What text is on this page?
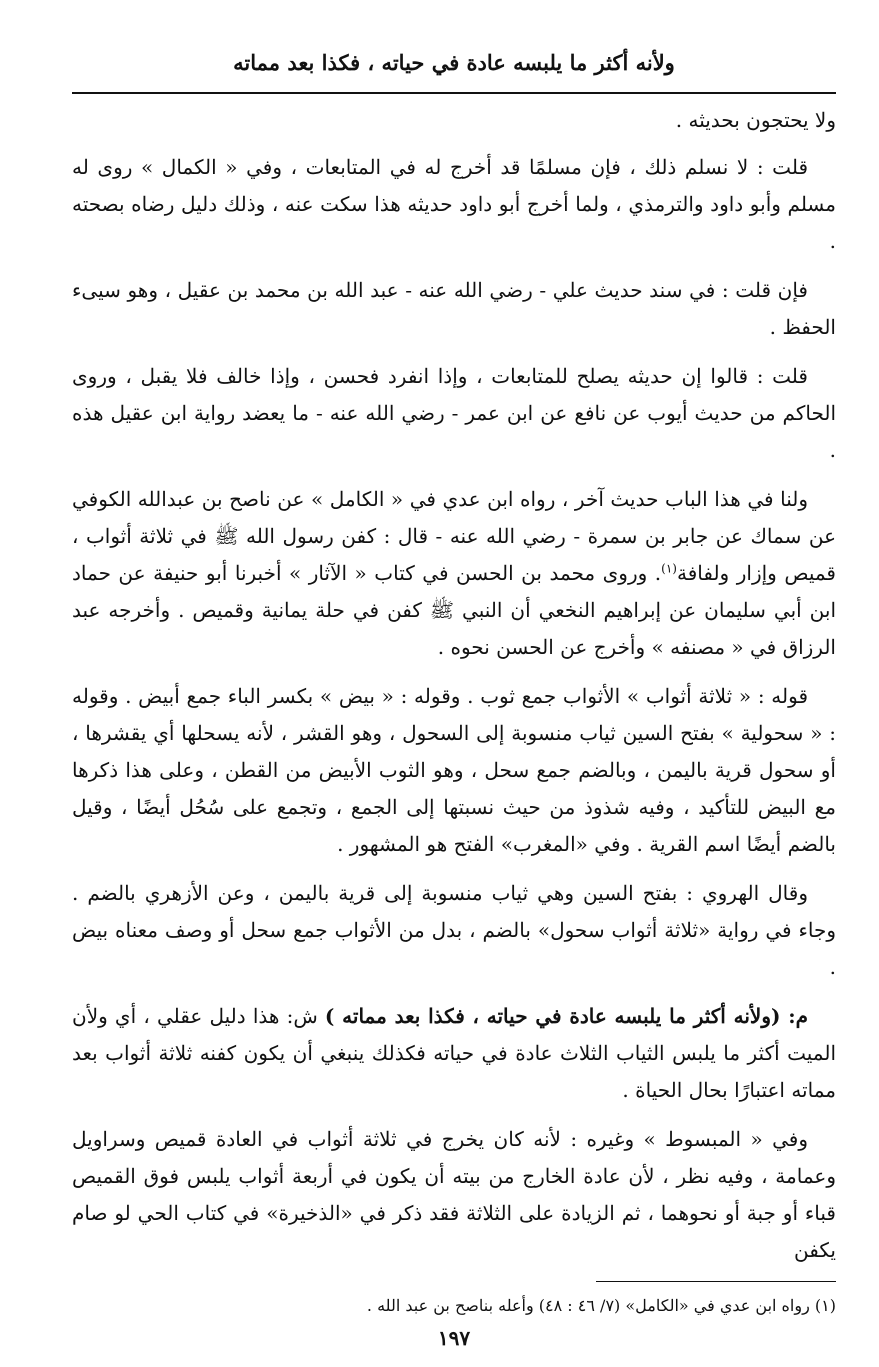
ولأنه أكثر ما يلبسه عادة في حياته ، فكذا بعد مماته

ولا يحتجون بحديثه .

قلت : لا نسلم ذلك ، فإن مسلمًا قد أخرج له في المتابعات ، وفي « الكمال » روى له مسلم وأبو داود والترمذي ، ولما أخرج أبو داود حديثه هذا سكت عنه ، وذلك دليل رضاه بصحته .

فإن قلت : في سند حديث علي - رضي الله عنه - عبد الله بن محمد بن عقيل ، وهو سيىء الحفظ .

قلت : قالوا إن حديثه يصلح للمتابعات ، وإذا انفرد فحسن ، وإذا خالف فلا يقبل ، وروى الحاكم من حديث أيوب عن نافع عن ابن عمر - رضي الله عنه - ما يعضد رواية ابن عقيل هذه .

ولنا في هذا الباب حديث آخر ، رواه ابن عدي في « الكامل » عن ناصح بن عبدالله الكوفي عن سماك عن جابر بن سمرة - رضي الله عنه - قال : كفن رسول الله ﷺ في ثلاثة أثواب ، قميص وإزار ولفافة$^{(١)}$. وروى محمد بن الحسن في كتاب « الآثار » أخبرنا أبو حنيفة عن حماد ابن أبي سليمان عن إبراهيم النخعي أن النبي ﷺ كفن في حلة يمانية وقميص . وأخرجه عبد الرزاق في « مصنفه » وأخرج عن الحسن نحوه .

قوله : « ثلاثة أثواب » الأثواب جمع ثوب . وقوله : « بيض » بكسر الباء جمع أبيض . وقوله : « سحولية » بفتح السين ثياب منسوبة إلى السحول ، وهو القشر ، لأنه يسحلها أي يقشرها ، أو سحول قرية باليمن ، وبالضم جمع سحل ، وهو الثوب الأبيض من القطن ، وعلى هذا ذكرها مع البيض للتأكيد ، وفيه شذوذ من حيث نسبتها إلى الجمع ، وتجمع على سُحُل أيضًا ، وقيل بالضم أيضًا اسم القرية . وفي «المغرب» الفتح هو المشهور .

وقال الهروي : بفتح السين وهي ثياب منسوبة إلى قرية باليمن ، وعن الأزهري بالضم . وجاء في رواية «ثلاثة أثواب سحول» بالضم ، بدل من الأثواب جمع سحل أو وصف معناه بيض .

م: (ولأنه أكثر ما يلبسه عادة في حياته ، فكذا بعد مماته ) ش: هذا دليل عقلي ، أي ولأن الميت أكثر ما يلبس الثياب الثلاث عادة في حياته فكذلك ينبغي أن يكون كفنه ثلاثة أثواب بعد مماته اعتبارًا بحال الحياة .

وفي « المبسوط » وغيره : لأنه كان يخرج في ثلاثة أثواب في العادة قميص وسراويل وعمامة ، وفيه نظر ، لأن عادة الخارج من بيته أن يكون في أربعة أثواب يلبس فوق القميص قباء أو جبة أو نحوهما ، ثم الزيادة على الثلاثة فقد ذكر في «الذخيرة» في كتاب الحي لو صام يكفن

(١) رواه ابن عدي في «الكامل» (٧/ ٤٦ : ٤٨) وأعله بناصح بن عبد الله .

١٩٧
